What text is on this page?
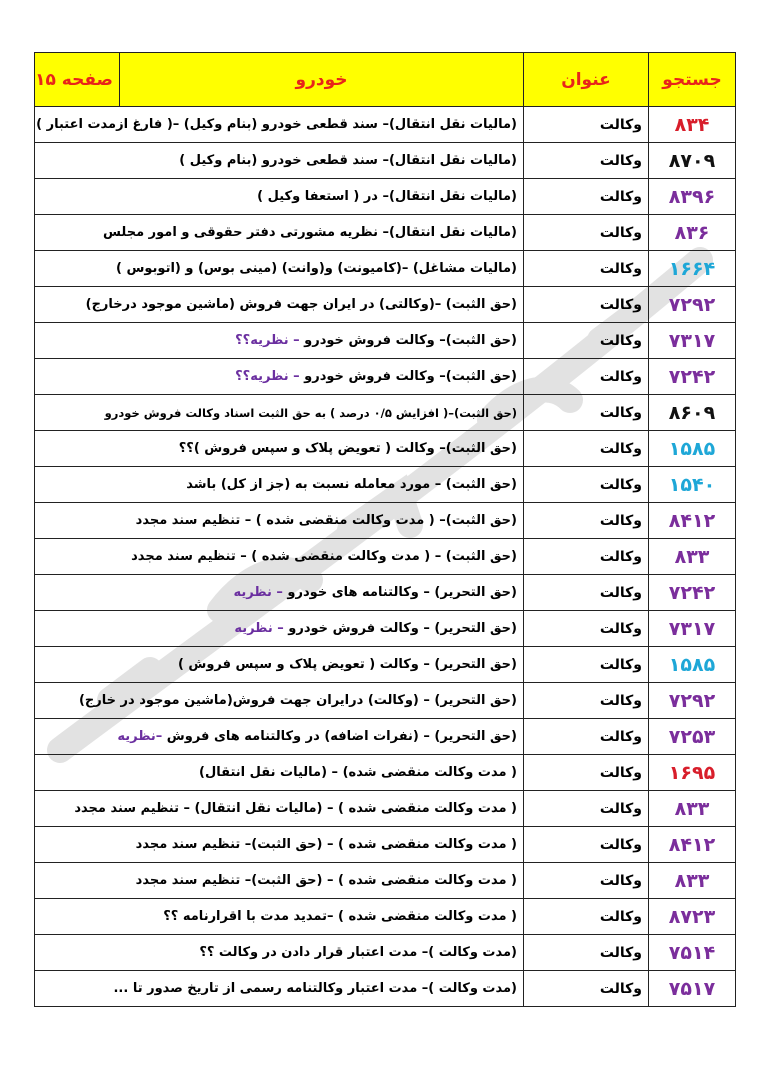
جستجو	عنوان	خودرو	صفحه ۱۵
۸۳۴	وکالت	(مالیات نقل انتقال)– سند قطعی خودرو (بنام وکیل) –( فارغ ازمدت اعتبار )	
۸۷۰۹	وکالت	(مالیات نقل انتقال)– سند قطعی خودرو (بنام وکیل )	
۸۳۹۶	وکالت	(مالیات نقل انتقال)– در ( استعفا وکیل )	
۸۳۶	وکالت	(مالیات نقل انتقال)– نظریه مشورتی دفتر حقوقی و امور مجلس	
۱۶۶۴	وکالت	(مالیات مشاغل) –(کامیونت) و(وانت) (مینی بوس) و (اتوبوس )	
۷۲۹۲	وکالت	(حق الثبت) –(وکالتی) در ایران جهت فروش (ماشین موجود درخارج)	
۷۳۱۷	وکالت	(حق الثبت)– وکالت فروش خودرو – نظریه؟؟	
۷۲۴۲	وکالت	(حق الثبت)– وکالت فروش خودرو – نظریه؟؟	
۸۶۰۹	وکالت	(حق الثبت)–( افزایش ۰/۵ درصد ) به حق الثبت اسناد وکالت فروش خودرو	
۱۵۸۵	وکالت	(حق الثبت)– وکالت ( تعویض پلاک و سپس فروش )؟؟	
۱۵۴۰	وکالت	(حق الثبت) – مورد معامله نسبت به (جز از کل) باشد	
۸۴۱۲	وکالت	(حق الثبت)– ( مدت وکالت منقضی شده ) – تنظیم سند مجدد	
۸۳۳	وکالت	(حق الثبت) – ( مدت وکالت منقضی شده ) – تنظیم سند مجدد	
۷۲۴۲	وکالت	(حق التحریر) – وکالتنامه های خودرو – نظریه	
۷۳۱۷	وکالت	(حق التحریر) – وکالت فروش خودرو – نظریه	
۱۵۸۵	وکالت	(حق التحریر) – وکالت ( تعویض پلاک و سپس فروش )	
۷۲۹۲	وکالت	(حق التحریر) – (وکالت) درایران جهت فروش(ماشین موجود در خارج)	
۷۲۵۳	وکالت	(حق التحریر) – (نفرات اضافه) در وکالتنامه های فروش –نظریه	
۱۶۹۵	وکالت	( مدت وکالت منقضی شده) – (مالیات نقل انتقال)	
۸۳۳	وکالت	( مدت وکالت منقضی شده ) – (مالیات نقل انتقال) – تنظیم سند مجدد	
۸۴۱۲	وکالت	( مدت وکالت منقضی شده ) – (حق الثبت)– تنظیم سند مجدد	
۸۳۳	وکالت	( مدت وکالت منقضی شده ) – (حق الثبت)– تنظیم سند مجدد	
۸۷۲۳	وکالت	( مدت وکالت منقضی شده ) –تمدید مدت با اقرارنامه ؟؟	
۷۵۱۴	وکالت	(مدت وکالت )– مدت اعتبار قرار دادن در وکالت ؟؟	
۷۵۱۷	وکالت	(مدت وکالت )– مدت اعتبار وکالتنامه رسمی از تاریخ صدور تا ...	
